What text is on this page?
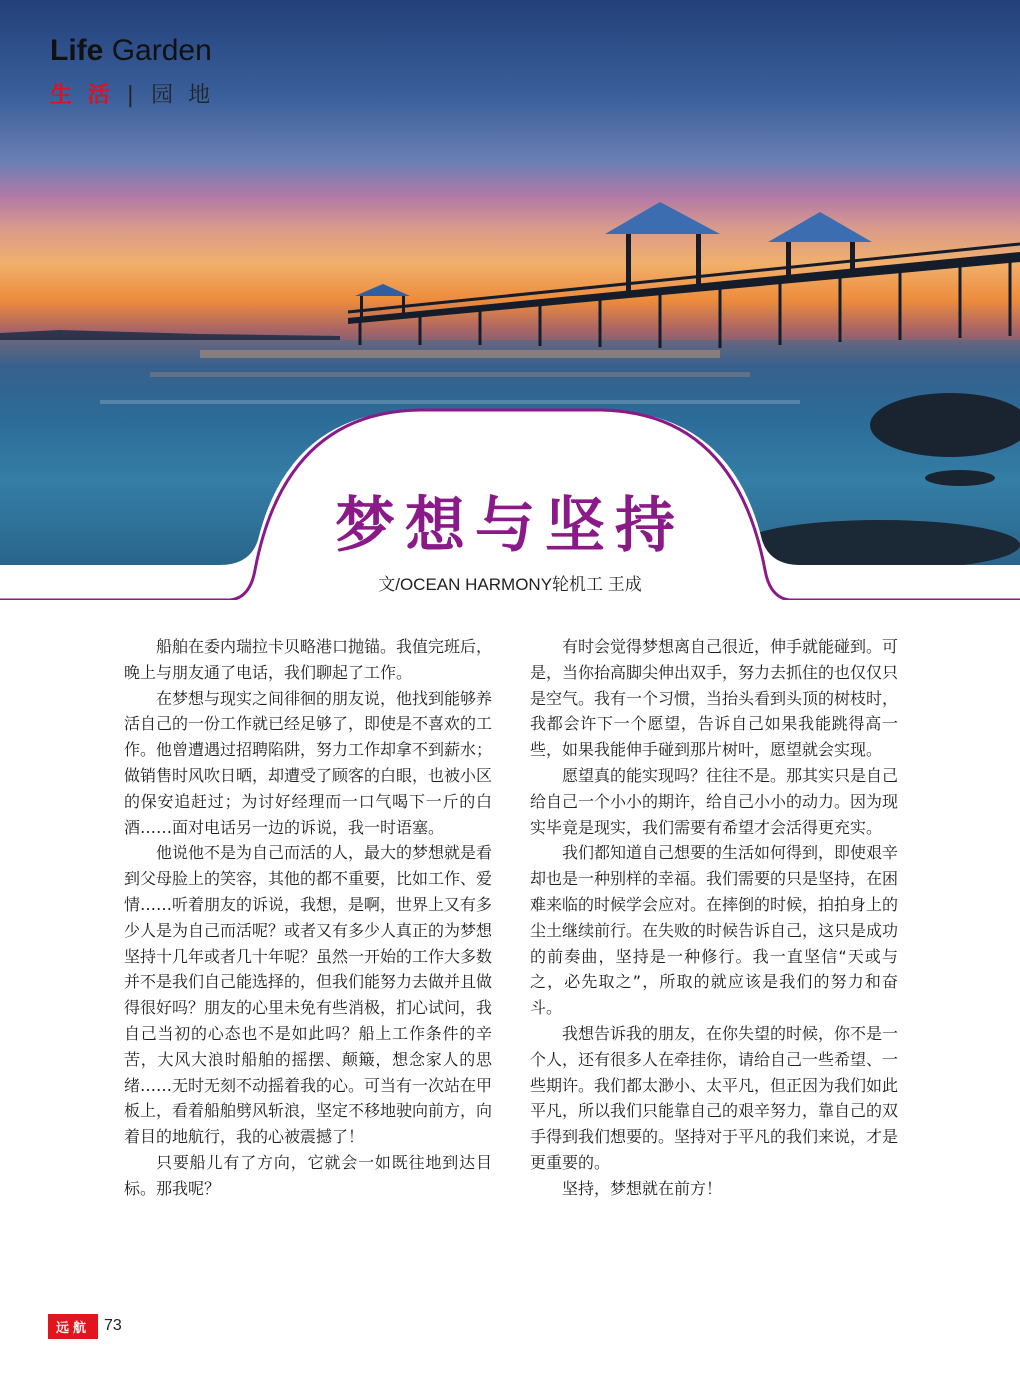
Life Garden
生 活 | 园 地
梦想与坚持
文/OCEAN HARMONY轮机工 王成

船舶在委内瑞拉卡贝略港口抛锚。我值完班后，晚上与朋友通了电话，我们聊起了工作。

在梦想与现实之间徘徊的朋友说，他找到能够养活自己的一份工作就已经足够了，即使是不喜欢的工作。他曾遭遇过招聘陷阱，努力工作却拿不到薪水；做销售时风吹日晒，却遭受了顾客的白眼，也被小区的保安追赶过；为讨好经理而一口气喝下一斤的白酒……面对电话另一边的诉说，我一时语塞。

他说他不是为自己而活的人，最大的梦想就是看到父母脸上的笑容，其他的都不重要，比如工作、爱情……听着朋友的诉说，我想，是啊，世界上又有多少人是为自己而活呢？或者又有多少人真正的为梦想坚持十几年或者几十年呢？虽然一开始的工作大多数并不是我们自己能选择的，但我们能努力去做并且做得很好吗？朋友的心里未免有些消极，扪心试问，我自己当初的心态也不是如此吗？船上工作条件的辛苦，大风大浪时船舶的摇摆、颠簸，想念家人的思绪……无时无刻不动摇着我的心。可当有一次站在甲板上，看着船舶劈风斩浪，坚定不移地驶向前方，向着目的地航行，我的心被震撼了！

只要船儿有了方向，它就会一如既往地到达目标。那我呢？

有时会觉得梦想离自己很近，伸手就能碰到。可是，当你抬高脚尖伸出双手，努力去抓住的也仅仅只是空气。我有一个习惯，当抬头看到头顶的树枝时，我都会许下一个愿望，告诉自己如果我能跳得高一些，如果我能伸手碰到那片树叶，愿望就会实现。

愿望真的能实现吗？往往不是。那其实只是自己给自己一个小小的期许，给自己小小的动力。因为现实毕竟是现实，我们需要有希望才会活得更充实。

我们都知道自己想要的生活如何得到，即使艰辛却也是一种别样的幸福。我们需要的只是坚持，在困难来临的时候学会应对。在摔倒的时候，拍拍身上的尘土继续前行。在失败的时候告诉自己，这只是成功的前奏曲，坚持是一种修行。我一直坚信“天或与之，必先取之”，所取的就应该是我们的努力和奋斗。

我想告诉我的朋友，在你失望的时候，你不是一个人，还有很多人在牵挂你，请给自己一些希望、一些期许。我们都太渺小、太平凡，但正因为我们如此平凡，所以我们只能靠自己的艰辛努力，靠自己的双手得到我们想要的。坚持对于平凡的我们来说，才是更重要的。

坚持，梦想就在前方！

远航 73
